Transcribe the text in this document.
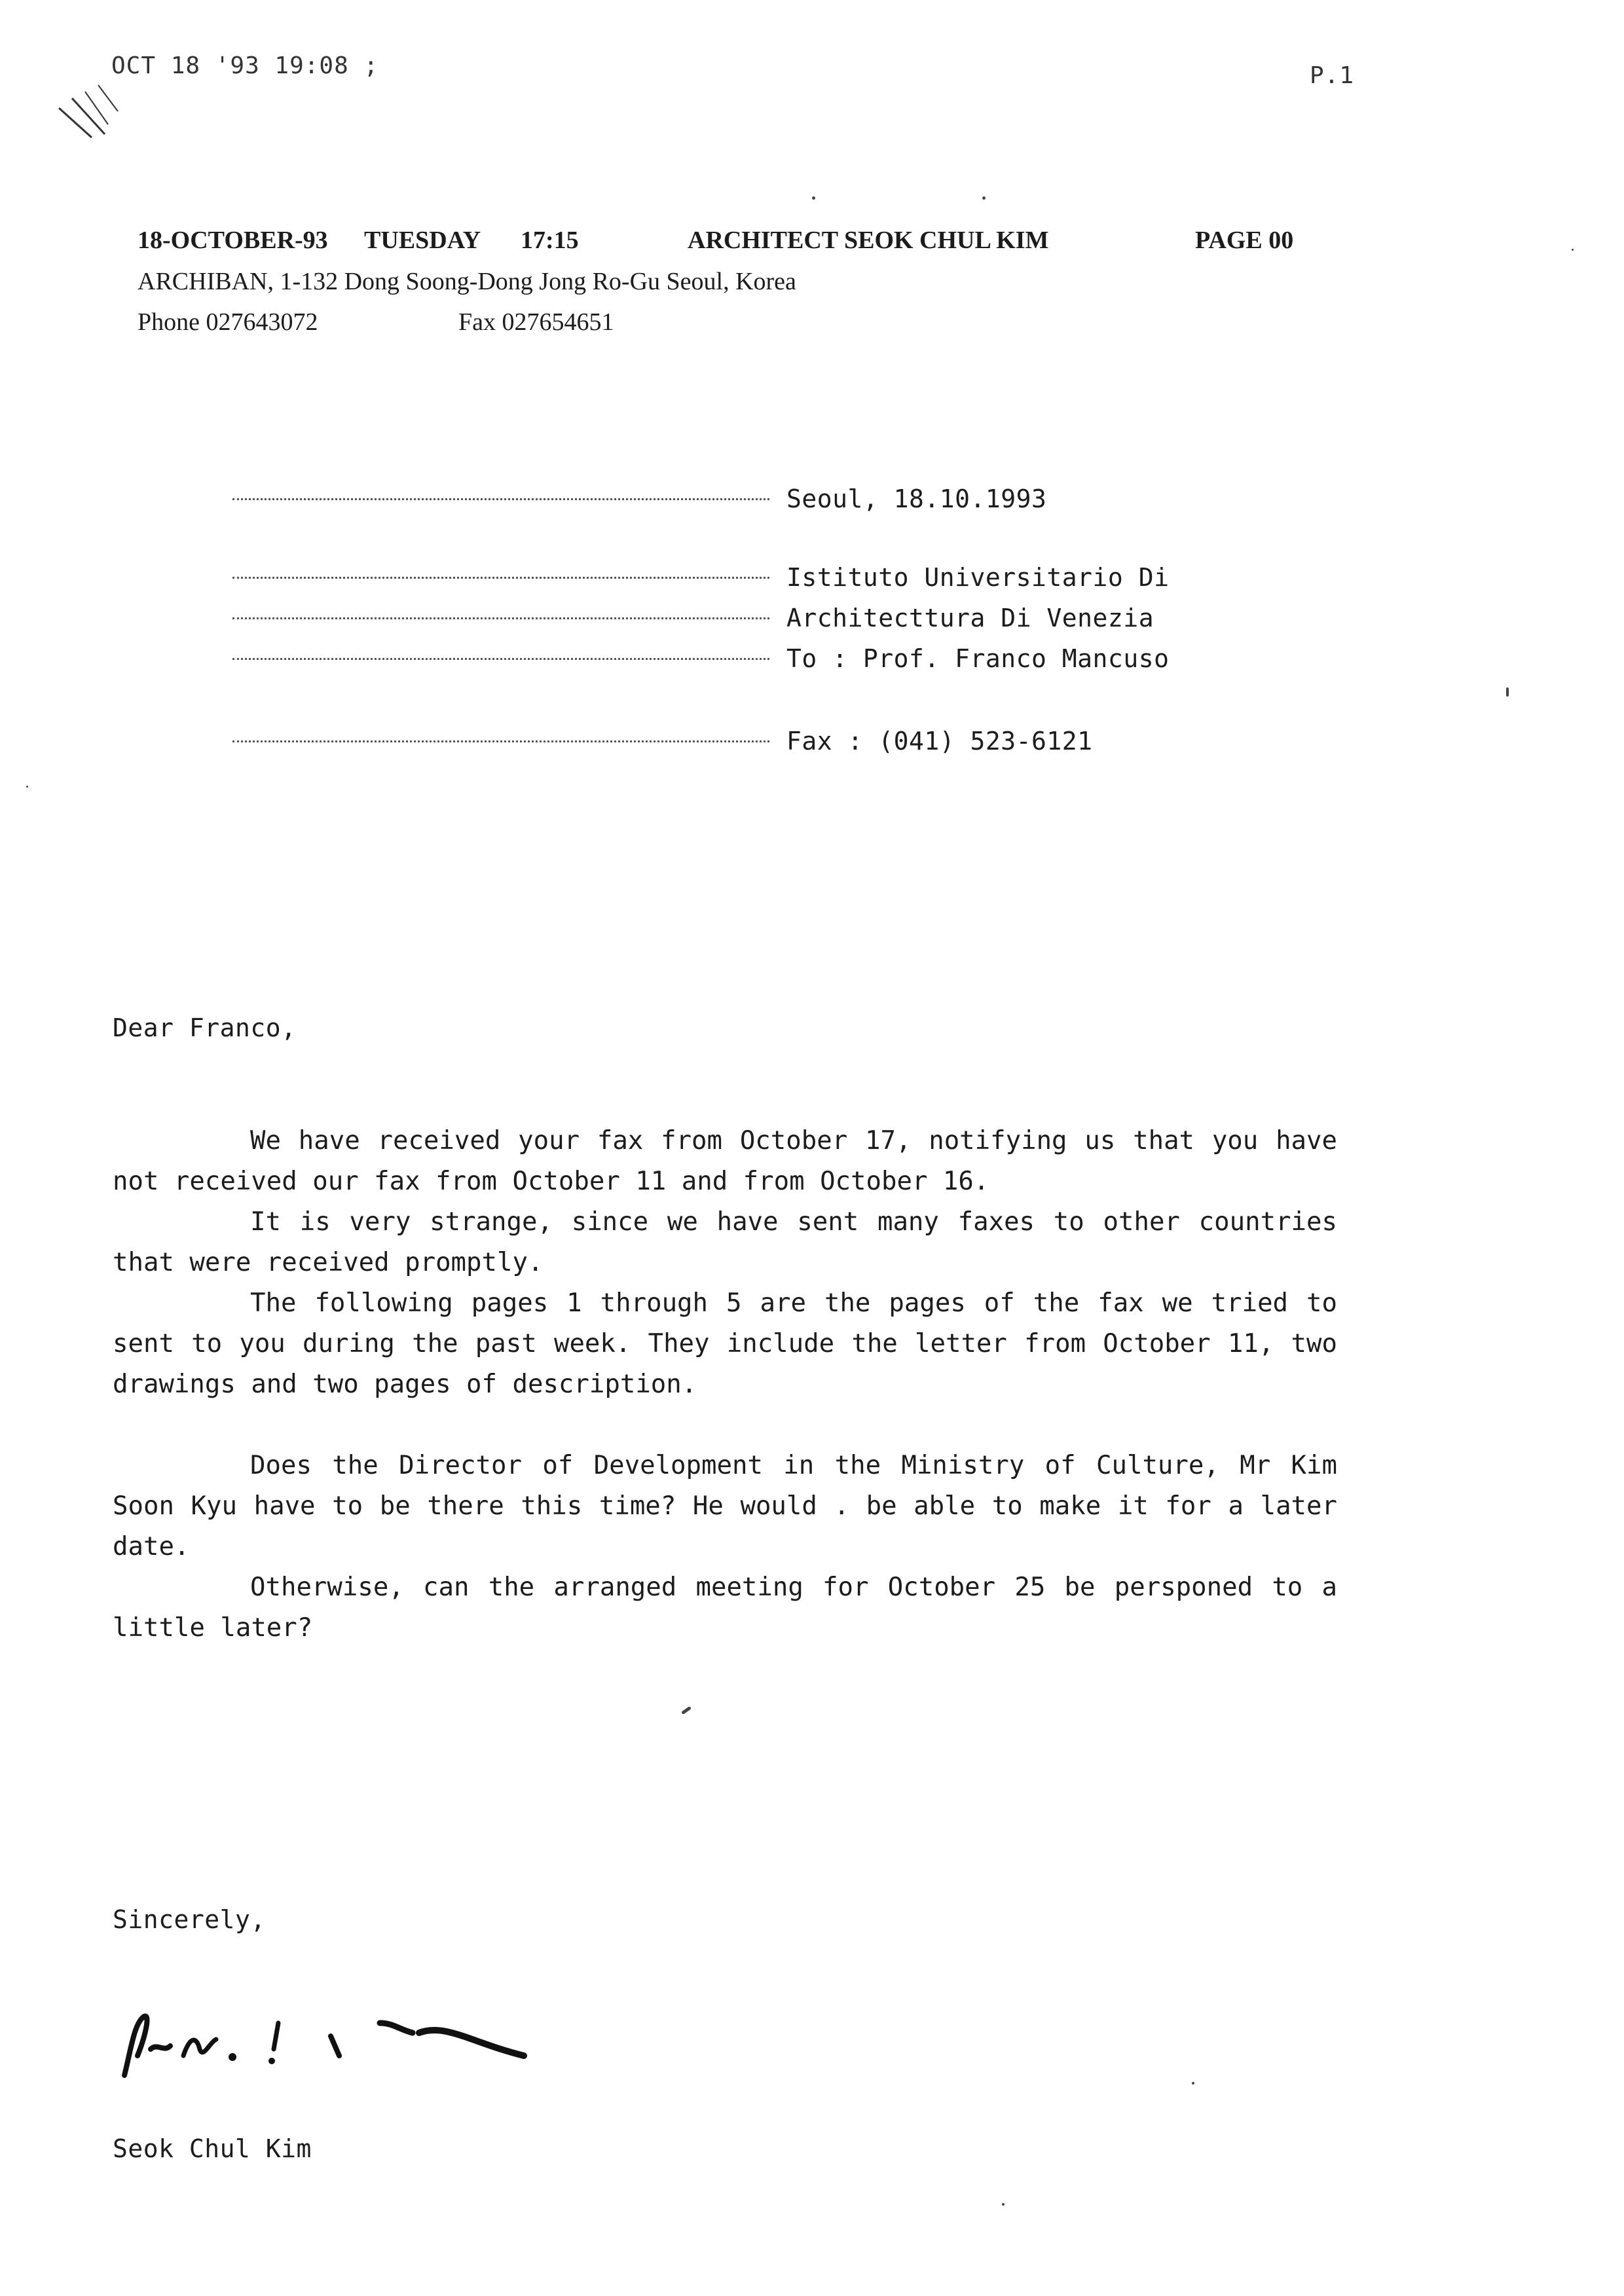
OCT 18 '93 19:08 ;	P.1
18-OCTOBER-93 TUESDAY 17:15	ARCHITECT SEOK CHUL KIM	PAGE 00
ARCHIBAN, 1-132 Dong Soong-Dong Jong Ro-Gu Seoul, Korea
Phone 027643072	Fax 027654651
Seoul, 18.10.1993
Istituto Universitario Di
Architecttura Di Venezia
To : Prof. Franco Mancuso
Fax : (041) 523-6121
Dear Franco,
We have received your fax from October 17, notifying us that you have not received our fax from October 11 and from October 16.
It is very strange, since we have sent many faxes to other countries that were received promptly.
The following pages 1 through 5 are the pages of the fax we tried to sent to you during the past week. They include the letter from October 11, two drawings and two pages of description.
Does the Director of Development in the Ministry of Culture, Mr Kim Soon Kyu have to be there this time? He would . be able to make it for a later date.
Otherwise, can the arranged meeting for October 25 be persponed to a little later?
Sincerely,
Seok Chul Kim
